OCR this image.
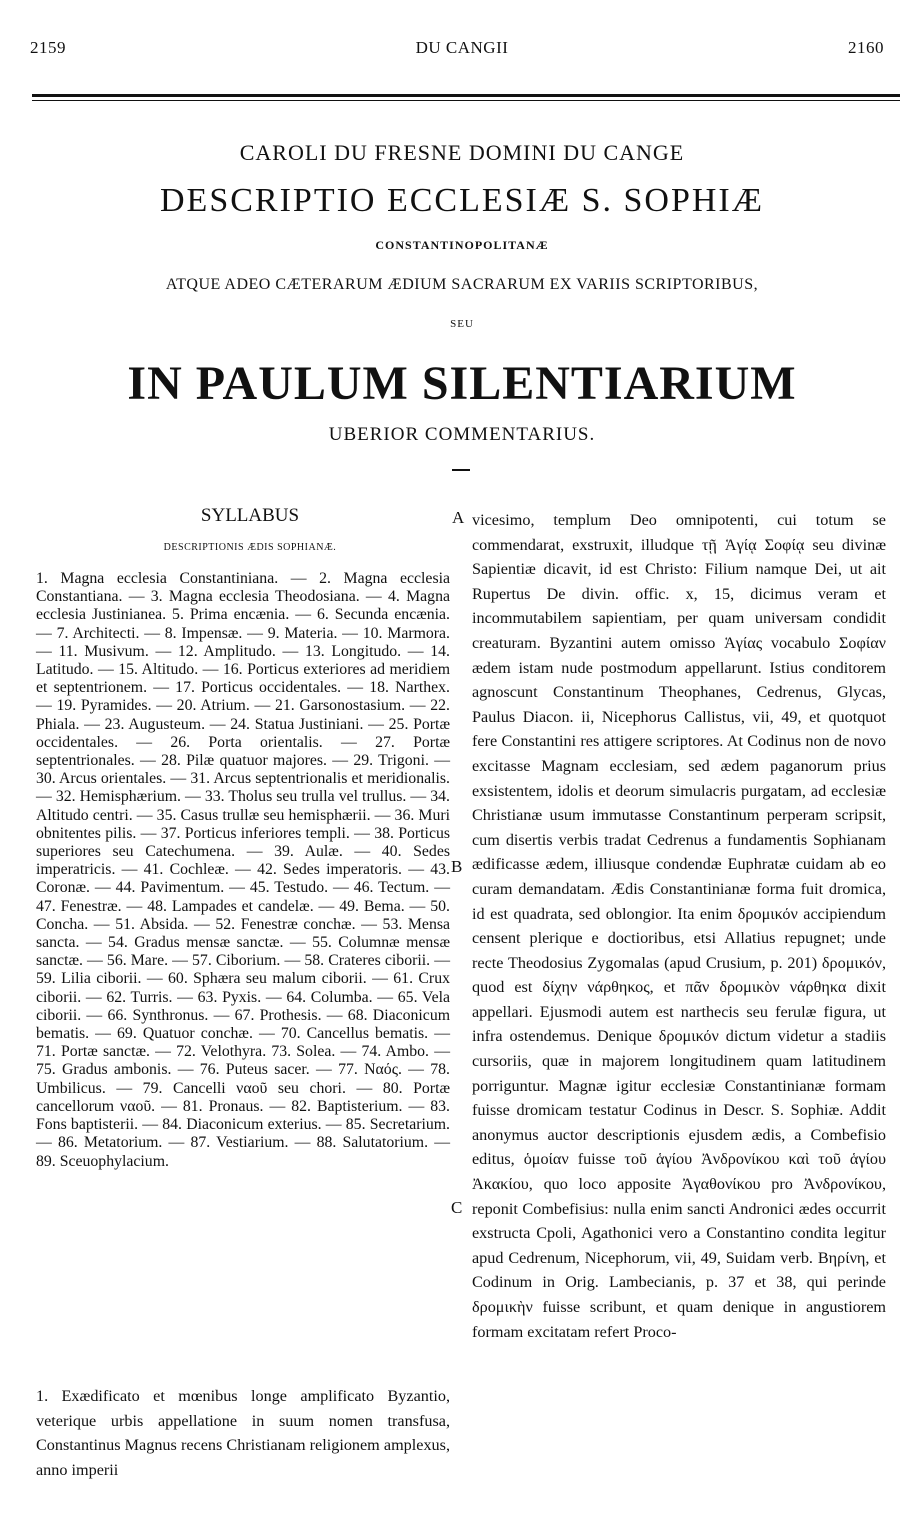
2159	DU CANGII	2160
CAROLI DU FRESNE DOMINI DU CANGE
DESCRIPTIO ECCLESIÆ S. SOPHIÆ
CONSTANTINOPOLITANÆ
ATQUE ADEO CÆTERARUM ÆDIUM SACRARUM EX VARIIS SCRIPTORIBUS,
SEU
IN PAULUM SILENTIARIUM
UBERIOR COMMENTARIUS.
SYLLABUS
DESCRIPTIONIS ÆDIS SOPHIANÆ.
1. Magna ecclesia Constantiniana. — 2. Magna ecclesia Constantiana. — 3. Magna ecclesia Theodosiana. — 4. Magna ecclesia Justinianea. 5. Prima encænia. — 6. Secunda encænia. — 7. Architecti. — 8. Impensæ. — 9. Materia. — 10. Marmora. — 11. Musivum. — 12. Amplitudo. — 13. Longitudo. — 14. Latitudo. — 15. Altitudo. — 16. Porticus exteriores ad meridiem et septentrionem. — 17. Porticus occidentales. — 18. Narthex. — 19. Pyramides. — 20. Atrium. — 21. Garsonostasium. — 22. Phiala. — 23. Augusteum. — 24. Statua Justiniani. — 25. Portæ occidentales. — 26. Porta orientalis. — 27. Portæ septentrionales. — 28. Pilæ quatuor majores. — 29. Trigoni. — 30. Arcus orientales. — 31. Arcus septentrionalis et meridionalis. — 32. Hemisphærium. — 33. Tholus seu trulla vel trullus. — 34. Altitudo centri. — 35. Casus trullæ seu hemisphærii. — 36. Muri obnitentes pilis. — 37. Porticus inferiores templi. — 38. Porticus superiores seu Catechumena. — 39. Aulæ. — 40. Sedes imperatricis. — 41. Cochleæ. — 42. Sedes imperatoris. — 43. Coronæ. — 44. Pavimentum. — 45. Testudo. — 46. Tectum. — 47. Fenestræ. — 48. Lampades et candelæ. — 49. Bema. — 50. Concha. — 51. Absida. — 52. Fenestræ conchæ. — 53. Mensa sancta. — 54. Gradus mensæ sanctæ. — 55. Columnæ mensæ sanctæ. — 56. Mare. — 57. Ciborium. — 58. Crateres ciborii. — 59. Lilia ciborii. — 60. Sphæra seu malum ciborii. — 61. Crux ciborii. — 62. Turris. — 63. Pyxis. — 64. Columba. — 65. Vela ciborii. — 66. Synthronus. — 67. Prothesis. — 68. Diaconicum bematis. — 69. Quatuor conchæ. — 70. Cancellus bematis. — 71. Portæ sanctæ. — 72. Velothyra. 73. Solea. — 74. Ambo. — 75. Gradus ambonis. — 76. Puteus sacer. — 77. Ναός. — 78. Umbilicus. — 79. Cancelli ναοῦ seu chori. — 80. Portæ cancellorum ναοῦ. — 81. Pronaus. — 82. Baptisterium. — 83. Fons baptisterii. — 84. Diaconicum exterius. — 85. Secretarium. — 86. Metatorium. — 87. Vestiarium. — 88. Salutatorium. — 89. Sceuophylacium.
1. Exædificato et mœnibus longe amplificato Byzantio, veterique urbis appellatione in suum nomen transfusa, Constantinus Magnus recens Christianam religionem amplexus, anno imperii
vicesimo, templum Deo omnipotenti, cui totum se commendarat, exstruxit, illudque τῇ Ἁγίᾳ Σοφίᾳ seu divinæ Sapientiæ dicavit, id est Christo: Filium namque Dei, ut ait Rupertus De divin. offic. x, 15, dicimus veram et incommutabilem sapientiam, per quam universam condidit creaturam. Byzantini autem omisso Ἁγίας vocabulo Σοφίαν ædem istam nude postmodum appellarunt. Istius conditorem agnoscunt Constantinum Theophanes, Cedrenus, Glycas, Paulus Diacon. ii, Nicephorus Callistus, vii, 49, et quotquot fere Constantini res attigere scriptores. At Codinus non de novo excitasse Magnam ecclesiam, sed ædem paganorum prius exsistentem, idolis et deorum simulacris purgatam, ad ecclesiæ Christianæ usum immutasse Constantinum perperam scripsit, cum disertis verbis tradat Cedrenus a fundamentis Sophianam ædificasse ædem, illiusque condendæ Euphratæ cuidam ab eo curam demandatam. Ædis Constantinianæ forma fuit dromica, id est quadrata, sed oblongior. Ita enim δρομικόν accipiendum censent plerique e doctioribus, etsi Allatius repugnet; unde recte Theodosius Zygomalas (apud Crusium, p. 201) δρομικόν, quod est δίχην νάρθηκος, et πᾶν δρομικὸν νάρθηκα dixit appellari. Ejusmodi autem est narthecis seu ferulæ figura, ut infra ostendemus. Denique δρομικόν dictum videtur a stadiis cursoriis, quæ in majorem longitudinem quam latitudinem porriguntur. Magnæ igitur ecclesiæ Constantinianæ formam fuisse dromicam testatur Codinus in Descr. S. Sophiæ. Addit anonymus auctor descriptionis ejusdem ædis, a Combefisio editus, ὁμοίαν fuisse τοῦ ἁγίου Ἀνδρονίκου καὶ τοῦ ἁγίου Ἀκακίου, quo loco apposite Ἀγαθονίκου pro Ἀνδρονίκου, reponit Combefisius: nulla enim sancti Andronici ædes occurrit exstructa Cpoli, Agathonici vero a Constantino condita legitur apud Cedrenum, Nicephorum, vii, 49, Suidam verb. Βηρίνη, et Codinum in Orig. Lambecianis, p. 37 et 38, qui perinde δρομικὴν fuisse scribunt, et quam denique in angustiorem formam excitatam refert Proco-
A
B
C
